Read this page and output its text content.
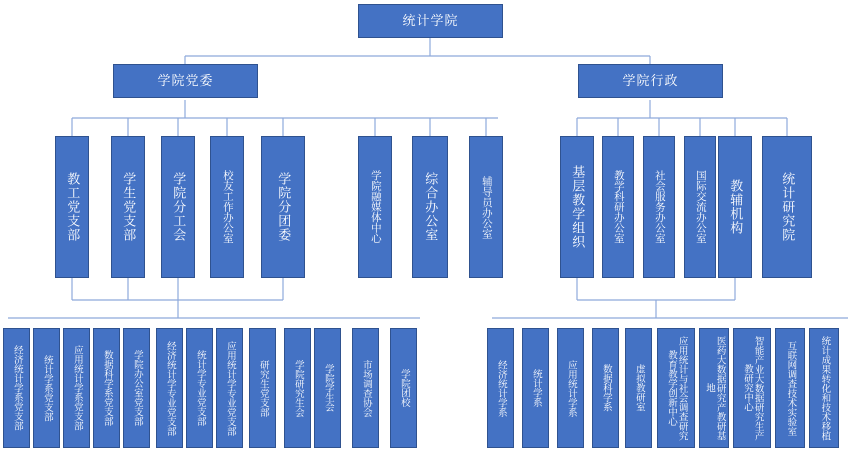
统计学院
学院党委	学院行政
教工党支部	学生党支部	学院分工会	校友工作办公室	学院分团委	学院融媒体中心	综合办公室	辅导员办公室	基层教学组织	教学科研办公室	社会服务办公室	国际交流办公室 教辅机构	统计研究院
经济统计学系党支部 统计学系党支部 应用统计学系党支部 数据科学系党支部 学院办公室党支部 经济统计学专业党支部 统计学专业党支部 应用统计学专业党支部 研究生党支部	学院研究生会 学院学生会	市场调查协会	学院团校	经济统计学系	统计学系	应用统计学系	数据科学系 虚拟教研室	应用统计与社会调查研究教育教学创新中心	医药大数据研究产教研基地	智能产业大数据研究生产教研究中心	互联网调查技术实验室 统计成果转化和技术移植
